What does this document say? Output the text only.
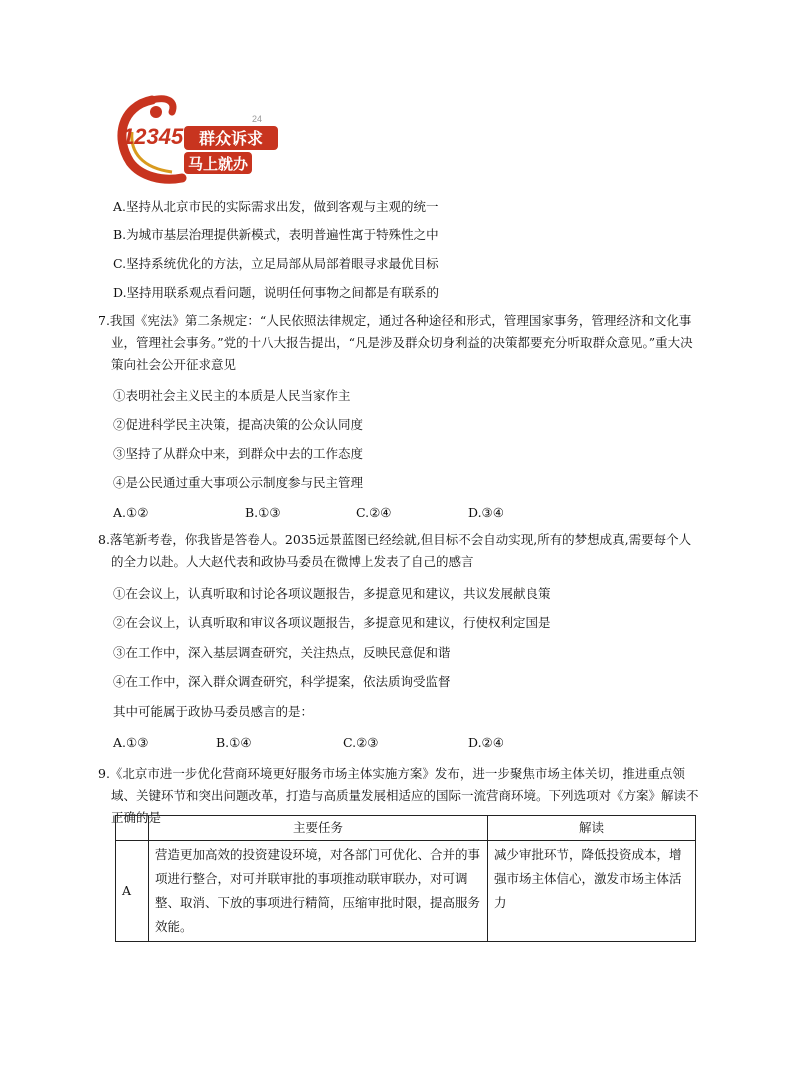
12345 群众诉求
马上就办
24
A.坚持从北京市民的实际需求出发，做到客观与主观的统一
B.为城市基层治理提供新模式，表明普遍性寓于特殊性之中
C.坚持系统优化的方法，立足局部从局部着眼寻求最优目标
D.坚持用联系观点看问题，说明任何事物之间都是有联系的
7.我国《宪法》第二条规定：“人民依照法律规定，通过各种途径和形式，管理国家事务，管理经济和文化事业，管理社会事务。”党的十八大报告提出，“凡是涉及群众切身利益的决策都要充分听取群众意见。”重大决策向社会公开征求意见
①表明社会主义民主的本质是人民当家作主
②促进科学民主决策，提高决策的公众认同度
③坚持了从群众中来，到群众中去的工作态度
④是公民通过重大事项公示制度参与民主管理
A.①②	B.①③	C.②④	D.③④
8.落笔新考卷，你我皆是答卷人。2035远景蓝图已经绘就,但目标不会自动实现,所有的梦想成真,需要每个人的全力以赴。人大赵代表和政协马委员在微博上发表了自己的感言
①在会议上，认真听取和讨论各项议题报告，多提意见和建议，共议发展献良策
②在会议上，认真听取和审议各项议题报告，多提意见和建议，行使权利定国是
③在工作中，深入基层调查研究，关注热点，反映民意促和谐
④在工作中，深入群众调查研究，科学提案，依法质询受监督
其中可能属于政协马委员感言的是：
A.①③	B.①④	C.②③	D.②④
9.《北京市进一步优化营商环境更好服务市场主体实施方案》发布，进一步聚焦市场主体关切，推进重点领域、关键环节和突出问题改革，打造与高质量发展相适应的国际一流营商环境。下列选项对《方案》解读不正确的是
	主要任务	解读
A	营造更加高效的投资建设环境，对各部门可优化、合并的事项进行整合，对可并联审批的事项推动联审联办，对可调整、取消、下放的事项进行精简，压缩审批时限，提高服务效能。	减少审批环节，降低投资成本，增强市场主体信心，激发市场主体活力
